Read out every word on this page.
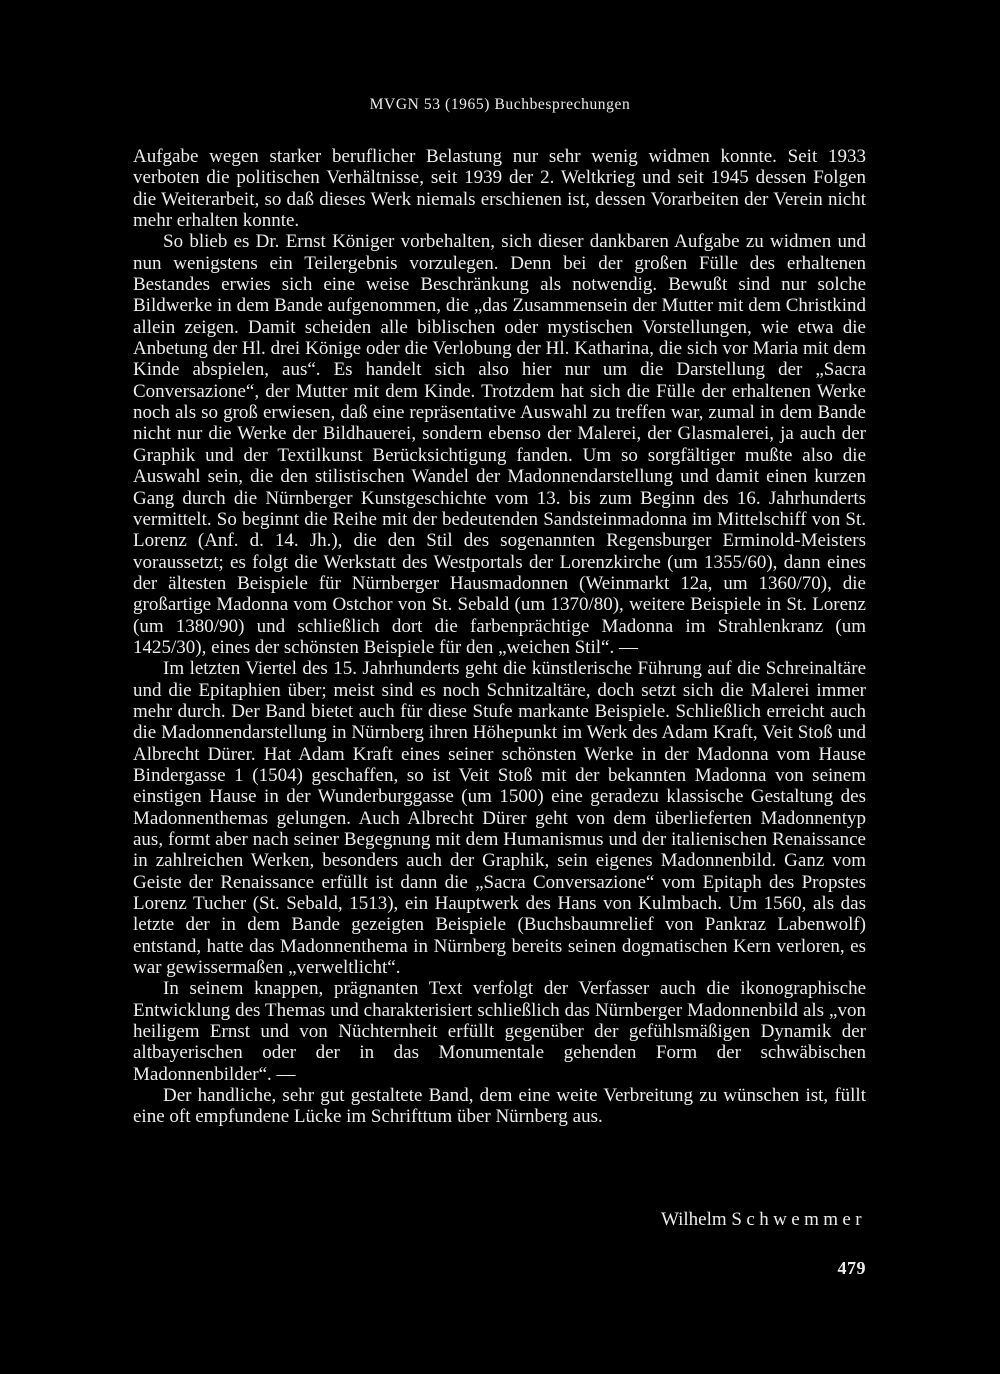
MVGN 53 (1965) Buchbesprechungen

Aufgabe wegen starker beruflicher Belastung nur sehr wenig widmen konnte. Seit 1933 verboten die politischen Verhältnisse, seit 1939 der 2. Weltkrieg und seit 1945 dessen Folgen die Weiterarbeit, so daß dieses Werk niemals erschienen ist, dessen Vorarbeiten der Verein nicht mehr erhalten konnte.

So blieb es Dr. Ernst Königer vorbehalten, sich dieser dankbaren Aufgabe zu widmen und nun wenigstens ein Teilergebnis vorzulegen. Denn bei der großen Fülle des erhaltenen Bestandes erwies sich eine weise Beschränkung als notwendig. Bewußt sind nur solche Bildwerke in dem Bande aufgenommen, die „das Zusammensein der Mutter mit dem Christkind allein zeigen. Damit scheiden alle biblischen oder mystischen Vorstellungen, wie etwa die Anbetung der Hl. drei Könige oder die Verlobung der Hl. Katharina, die sich vor Maria mit dem Kinde abspielen, aus“. Es handelt sich also hier nur um die Darstellung der „Sacra Conversazione“, der Mutter mit dem Kinde. Trotzdem hat sich die Fülle der erhaltenen Werke noch als so groß erwiesen, daß eine repräsentative Auswahl zu treffen war, zumal in dem Bande nicht nur die Werke der Bildhauerei, sondern ebenso der Malerei, der Glasmalerei, ja auch der Graphik und der Textilkunst Berücksichtigung fanden. Um so sorgfältiger mußte also die Auswahl sein, die den stilistischen Wandel der Madonnendarstellung und damit einen kurzen Gang durch die Nürnberger Kunstgeschichte vom 13. bis zum Beginn des 16. Jahrhunderts vermittelt. So beginnt die Reihe mit der bedeutenden Sandsteinmadonna im Mittelschiff von St. Lorenz (Anf. d. 14. Jh.), die den Stil des sogenannten Regensburger Erminold-Meisters voraussetzt; es folgt die Werkstatt des Westportals der Lorenzkirche (um 1355/60), dann eines der ältesten Beispiele für Nürnberger Hausmadonnen (Weinmarkt 12a, um 1360/70), die großartige Madonna vom Ostchor von St. Sebald (um 1370/80), weitere Beispiele in St. Lorenz (um 1380/90) und schließlich dort die farbenprächtige Madonna im Strahlenkranz (um 1425/30), eines der schönsten Beispiele für den „weichen Stil“. —

Im letzten Viertel des 15. Jahrhunderts geht die künstlerische Führung auf die Schreinaltäre und die Epitaphien über; meist sind es noch Schnitzaltäre, doch setzt sich die Malerei immer mehr durch. Der Band bietet auch für diese Stufe markante Beispiele. Schließlich erreicht auch die Madonnendarstellung in Nürnberg ihren Höhepunkt im Werk des Adam Kraft, Veit Stoß und Albrecht Dürer. Hat Adam Kraft eines seiner schönsten Werke in der Madonna vom Hause Bindergasse 1 (1504) geschaffen, so ist Veit Stoß mit der bekannten Madonna von seinem einstigen Hause in der Wunderburggasse (um 1500) eine geradezu klassische Gestaltung des Madonnenthemas gelungen. Auch Albrecht Dürer geht von dem überlieferten Madonnentyp aus, formt aber nach seiner Begegnung mit dem Humanismus und der italienischen Renaissance in zahlreichen Werken, besonders auch der Graphik, sein eigenes Madonnenbild. Ganz vom Geiste der Renaissance erfüllt ist dann die „Sacra Conversazione“ vom Epitaph des Propstes Lorenz Tucher (St. Sebald, 1513), ein Hauptwerk des Hans von Kulmbach. Um 1560, als das letzte der in dem Bande gezeigten Beispiele (Buchsbaumrelief von Pankraz Labenwolf) entstand, hatte das Madonnenthema in Nürnberg bereits seinen dogmatischen Kern verloren, es war gewissermaßen „verweltlicht“.

In seinem knappen, prägnanten Text verfolgt der Verfasser auch die ikonographische Entwicklung des Themas und charakterisiert schließlich das Nürnberger Madonnenbild als „von heiligem Ernst und von Nüchternheit erfüllt gegenüber der gefühlsmäßigen Dynamik der altbayerischen oder der in das Monumentale gehenden Form der schwäbischen Madonnenbilder“. —

Der handliche, sehr gut gestaltete Band, dem eine weite Verbreitung zu wünschen ist, füllt eine oft empfundene Lücke im Schrifttum über Nürnberg aus.

Wilhelm Schwemmer
479
